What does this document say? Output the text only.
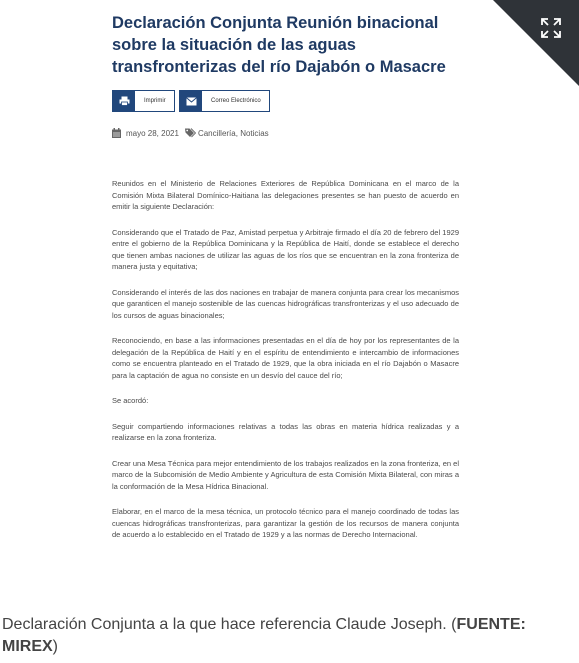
Declaración Conjunta Reunión binacional sobre la situación de las aguas transfronterizas del río Dajabón o Masacre
Imprimir	Correo Electrónico
mayo 28, 2021 Cancillería , Noticias

Reunidos en el Ministerio de Relaciones Exteriores de República Dominicana en el marco de la Comisión Mixta Bilateral Domínico-Haitiana las delegaciones presentes se han puesto de acuerdo en emitir la siguiente Declaración:

Considerando que el Tratado de Paz, Amistad perpetua y Arbitraje firmado el día 20 de febrero del 1929 entre el gobierno de la República Dominicana y la República de Haití, donde se establece el derecho que tienen ambas naciones de utilizar las aguas de los ríos que se encuentran en la zona fronteriza de manera justa y equitativa;

Considerando el interés de las dos naciones en trabajar de manera conjunta para crear los mecanismos que garanticen el manejo sostenible de las cuencas hidrográficas transfronterizas y el uso adecuado de los cursos de aguas binacionales;

Reconociendo, en base a las informaciones presentadas en el día de hoy por los representantes de la delegación de la República de Haití y en el espíritu de entendimiento e intercambio de informaciones como se encuentra planteado en el Tratado de 1929, que la obra iniciada en el río Dajabón o Masacre para la captación de agua no consiste en un desvío del cauce del río;

Se acordó:

Seguir compartiendo informaciones relativas a todas las obras en materia hídrica realizadas y a realizarse en la zona fronteriza.

Crear una Mesa Técnica para mejor entendimiento de los trabajos realizados en la zona fronteriza, en el marco de la Subcomisión de Medio Ambiente y Agricultura de esta Comisión Mixta Bilateral, con miras a la conformación de la Mesa Hídrica Binacional.

Elaborar, en el marco de la mesa técnica, un protocolo técnico para el manejo coordinado de todas las cuencas hidrográficas transfronterizas, para garantizar la gestión de los recursos de manera conjunta de acuerdo a lo establecido en el Tratado de 1929 y a las normas de Derecho Internacional.

Declaración Conjunta a la que hace referencia Claude Joseph. (FUENTE: MIREX)
